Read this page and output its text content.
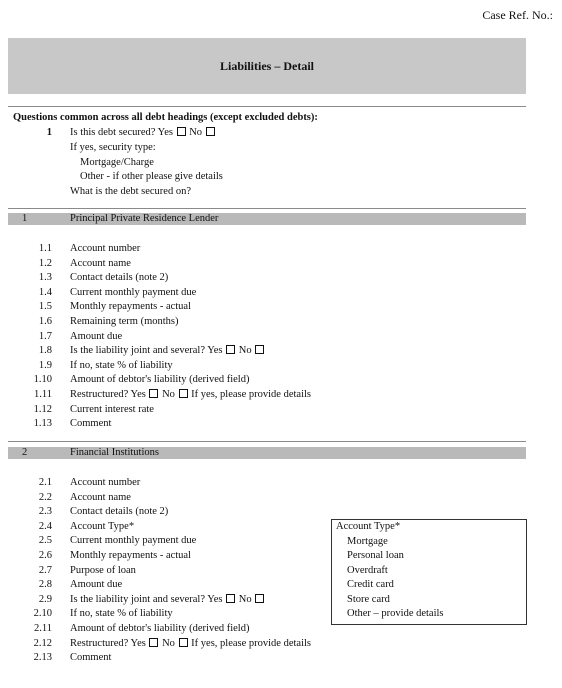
Case Ref. No.:
Liabilities – Detail
Questions common across all debt headings (except excluded debts):
1 Is this debt secured? Yes No
If yes, security type:
Mortgage/Charge
Other - if other please give details
What is the debt secured on?
1	Principal Private Residence Lender
1.1 Account number
1.2 Account name
1.3 Contact details (note 2)
1.4 Current monthly payment due
1.5 Monthly repayments - actual
1.6 Remaining term (months)
1.7 Amount due
1.8 Is the liability joint and several? Yes No
1.9 If no, state % of liability
1.10 Amount of debtor's liability (derived field)
1.11 Restructured? Yes No If yes, please provide details
1.12 Current interest rate
1.13 Comment
2	Financial Institutions
2.1 Account number
2.2 Account name
2.3 Contact details (note 2)
2.4 Account Type*
2.5 Current monthly payment due
2.6 Monthly repayments - actual
2.7 Purpose of loan
2.8 Amount due
2.9 Is the liability joint and several? Yes No
2.10 If no, state % of liability
2.11 Amount of debtor's liability (derived field)
2.12 Restructured? Yes No If yes, please provide details
2.13 Comment
Account Type*
Mortgage
Personal loan
Overdraft
Credit card
Store card
Other – provide details
